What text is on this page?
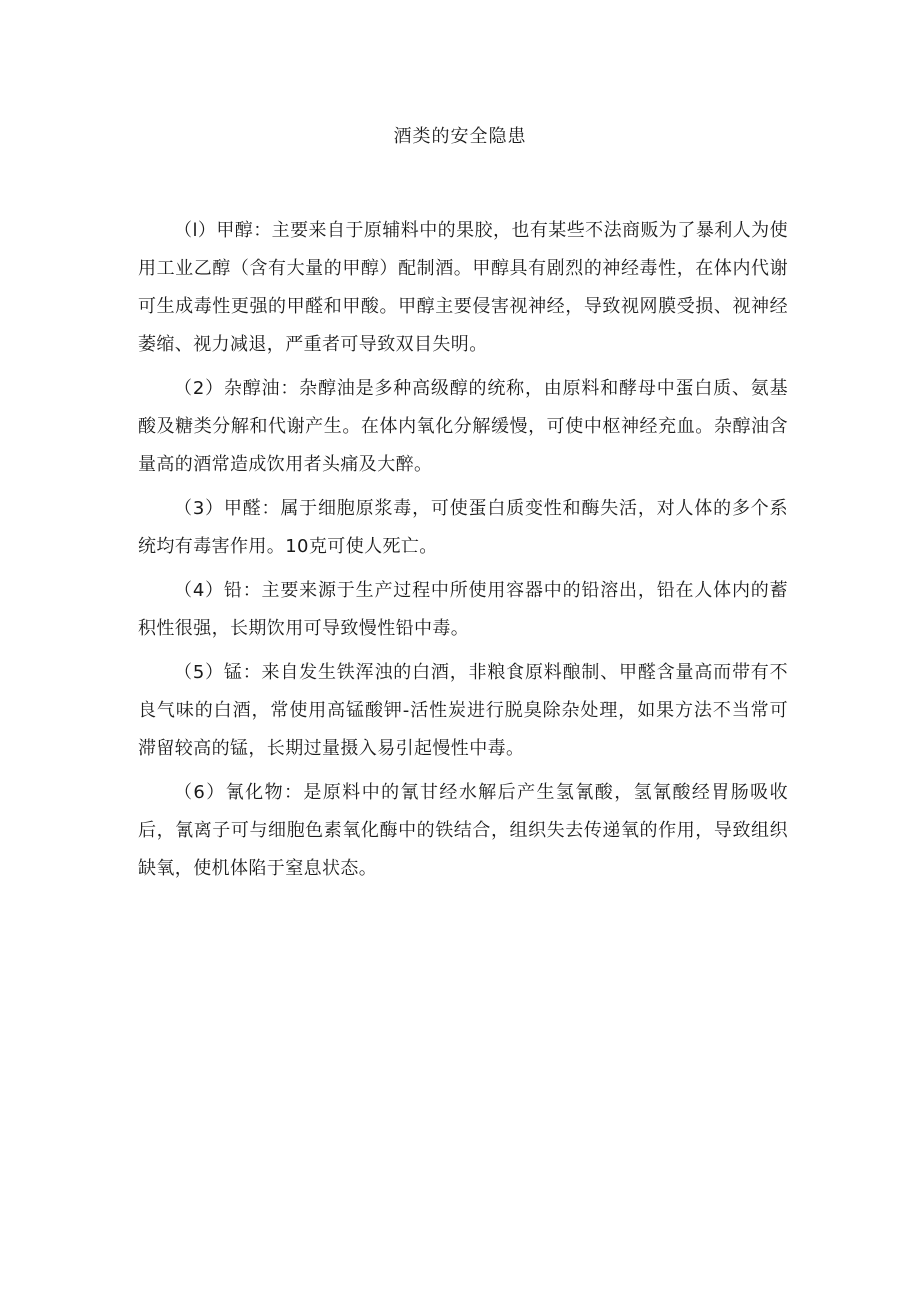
酒类的安全隐患

（l）甲醇：主要来自于原辅料中的果胶，也有某些不法商贩为了暴利人为使用工业乙醇（含有大量的甲醇）配制酒。甲醇具有剧烈的神经毒性，在体内代谢可生成毒性更强的甲醛和甲酸。甲醇主要侵害视神经，导致视网膜受损、视神经萎缩、视力减退，严重者可导致双目失明。

（2）杂醇油：杂醇油是多种高级醇的统称，由原料和酵母中蛋白质、氨基酸及糖类分解和代谢产生。在体内氧化分解缓慢，可使中枢神经充血。杂醇油含量高的酒常造成饮用者头痛及大醉。

（3）甲醛：属于细胞原浆毒，可使蛋白质变性和酶失活，对人体的多个系统均有毒害作用。10克可使人死亡。

（4）铅：主要来源于生产过程中所使用容器中的铅溶出，铅在人体内的蓄积性很强，长期饮用可导致慢性铅中毒。

（5）锰：来自发生铁浑浊的白酒，非粮食原料酿制、甲醛含量高而带有不良气味的白酒，常使用高锰酸钾-活性炭进行脱臭除杂处理，如果方法不当常可滞留较高的锰，长期过量摄入易引起慢性中毒。

（6）氰化物：是原料中的氰甘经水解后产生氢氰酸，氢氰酸经胃肠吸收后，氰离子可与细胞色素氧化酶中的铁结合，组织失去传递氧的作用，导致组织缺氧，使机体陷于窒息状态。
